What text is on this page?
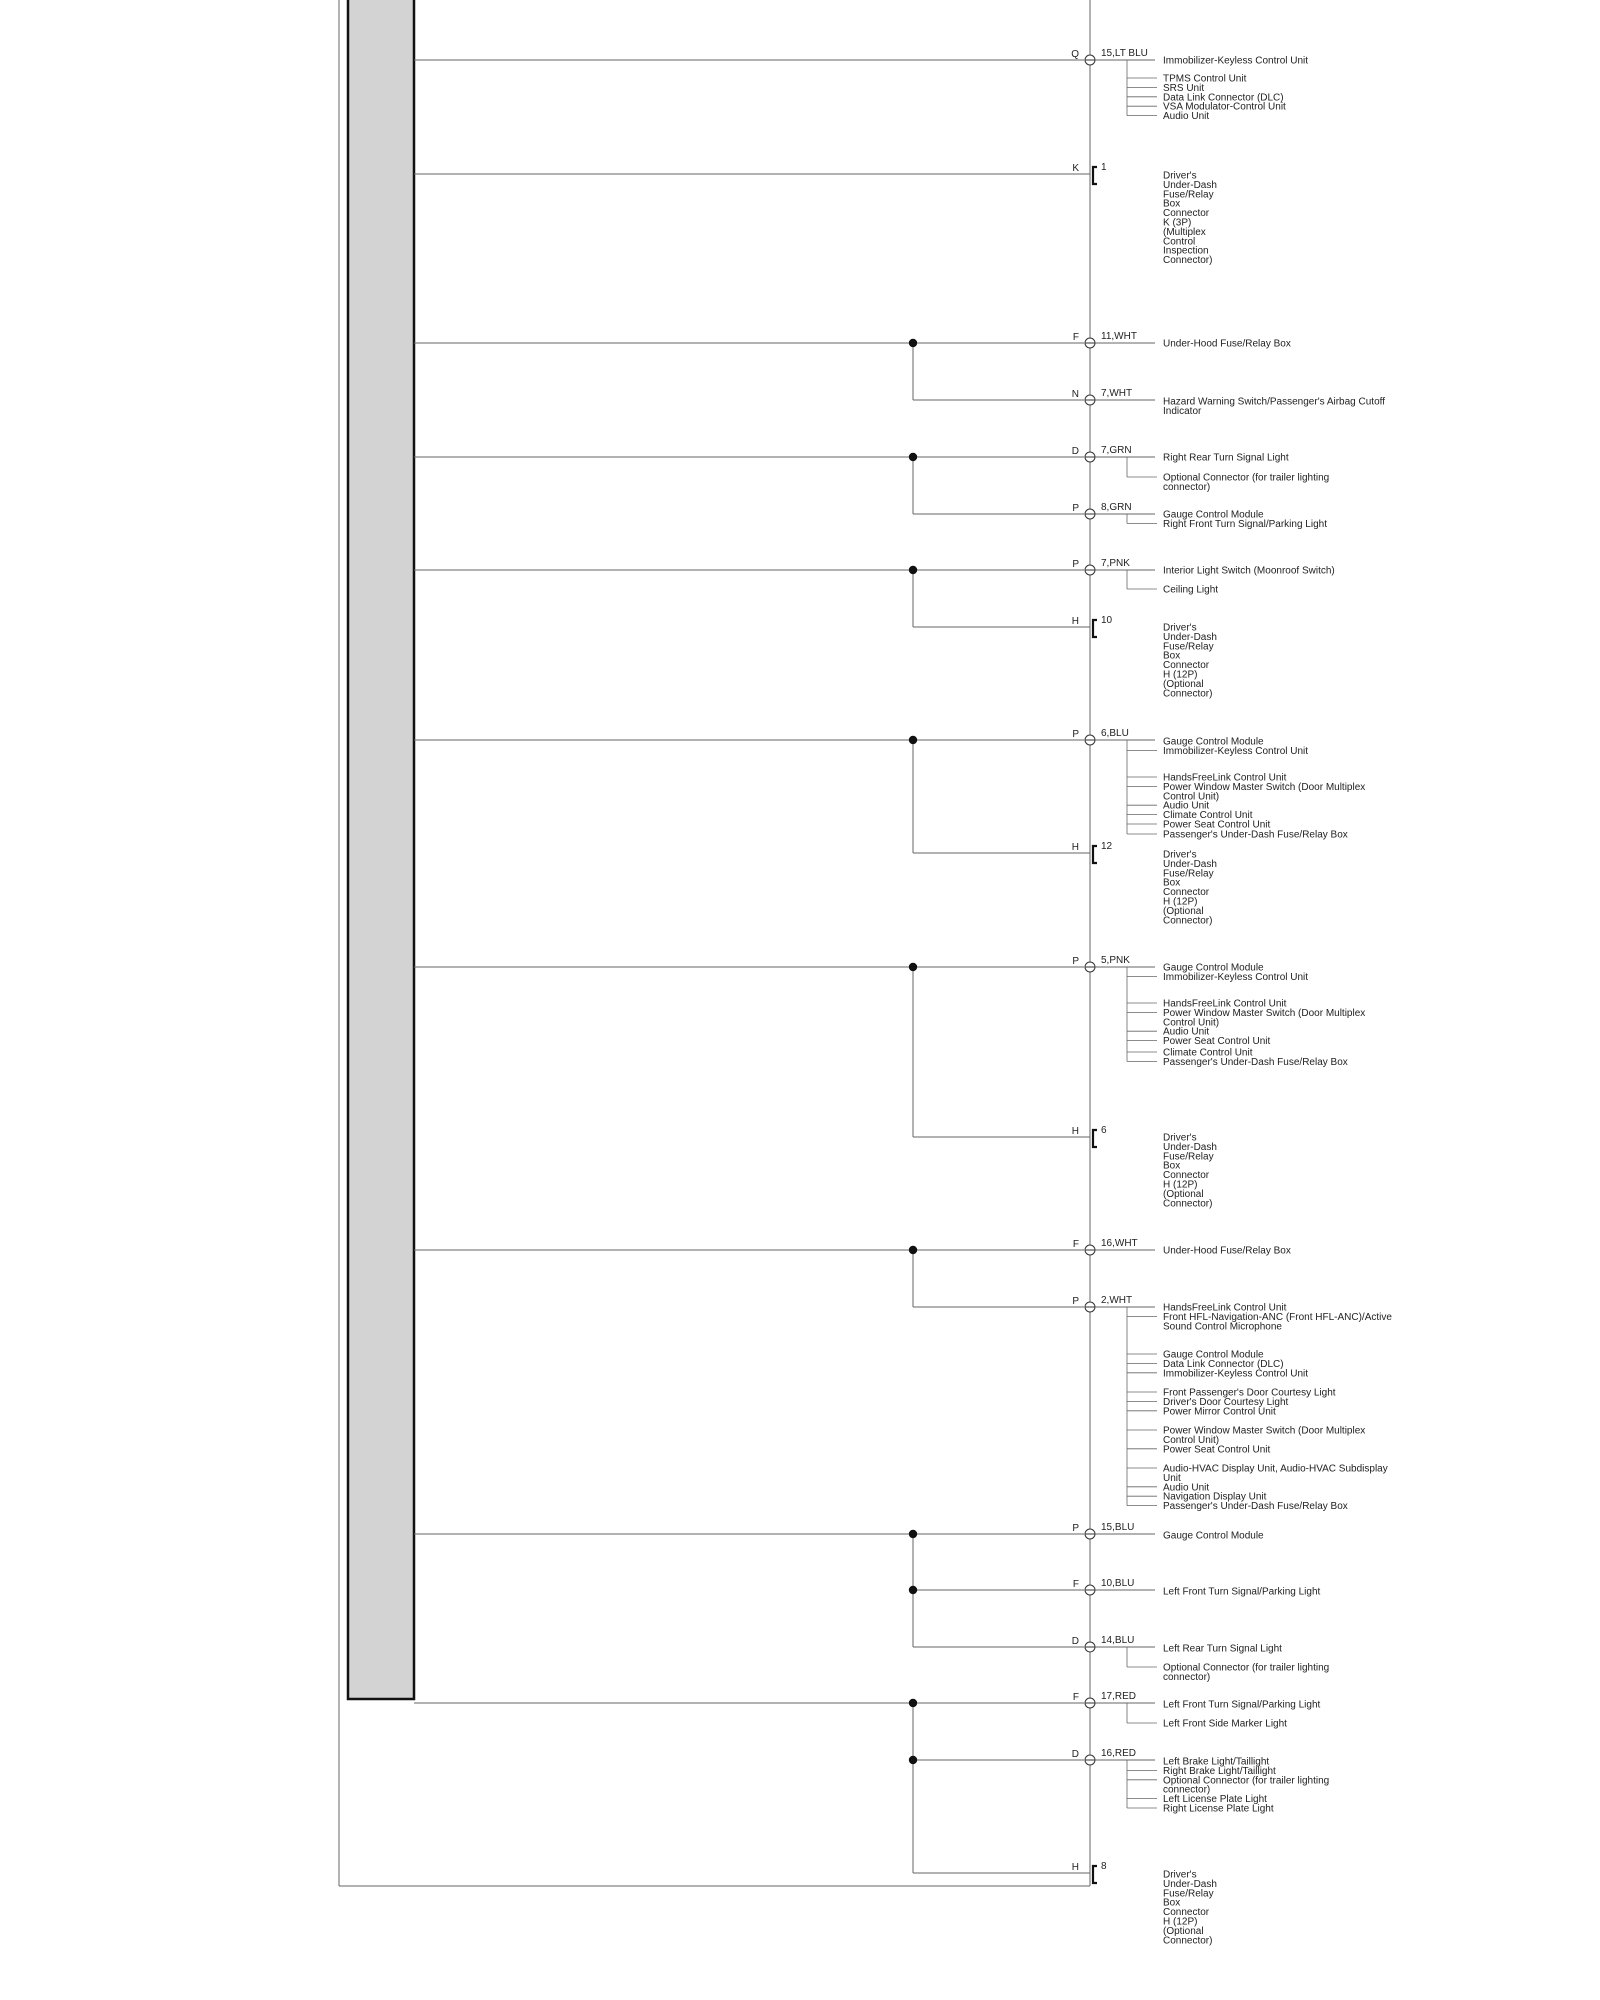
Q 15,LT BLU
Immobilizer-Keyless Control Unit
TPMS Control Unit
SRS Unit
Data Link Connector (DLC)
VSA Modulator-Control Unit
Audio Unit
K 1
Driver's
Under-Dash
Fuse/Relay
Box
Connector
K (3P)
(Multiplex
Control
Inspection
Connector)
F 11,WHT
Under-Hood Fuse/Relay Box
N 7,WHT
Hazard Warning Switch/Passenger's Airbag Cutoff
Indicator
D 7,GRN
Right Rear Turn Signal Light
Optional Connector (for trailer lighting
connector)
P 8,GRN
Gauge Control Module
Right Front Turn Signal/Parking Light
P 7,PNK
Interior Light Switch (Moonroof Switch)
Ceiling Light
H 10
Driver's
Under-Dash
Fuse/Relay
Box
Connector
H (12P)
(Optional
Connector)
P 6,BLU
Gauge Control Module
Immobilizer-Keyless Control Unit
HandsFreeLink Control Unit
Power Window Master Switch (Door Multiplex
Control Unit)
Audio Unit
Climate Control Unit
Power Seat Control Unit
Passenger's Under-Dash Fuse/Relay Box
H 12
Driver's
Under-Dash
Fuse/Relay
Box
Connector
H (12P)
(Optional
Connector)
P 5,PNK
Gauge Control Module
Immobilizer-Keyless Control Unit
HandsFreeLink Control Unit
Power Window Master Switch (Door Multiplex
Control Unit)
Audio Unit
Power Seat Control Unit
Climate Control Unit
Passenger's Under-Dash Fuse/Relay Box
H 6
Driver's
Under-Dash
Fuse/Relay
Box
Connector
H (12P)
(Optional
Connector)
F 16,WHT
Under-Hood Fuse/Relay Box
P 2,WHT
HandsFreeLink Control Unit
Front HFL-Navigation-ANC (Front HFL-ANC)/Active
Sound Control Microphone
Gauge Control Module
Data Link Connector (DLC)
Immobilizer-Keyless Control Unit
Front Passenger's Door Courtesy Light
Driver's Door Courtesy Light
Power Mirror Control Unit
Power Window Master Switch (Door Multiplex
Control Unit)
Power Seat Control Unit
Audio-HVAC Display Unit, Audio-HVAC Subdisplay
Unit
Audio Unit
Navigation Display Unit
Passenger's Under-Dash Fuse/Relay Box
P 15,BLU
Gauge Control Module
F 10,BLU
Left Front Turn Signal/Parking Light
D 14,BLU
Left Rear Turn Signal Light
Optional Connector (for trailer lighting
connector)
F 17,RED
Left Front Turn Signal/Parking Light
Left Front Side Marker Light
D 16,RED
Left Brake Light/Taillight
Right Brake Light/Taillight
Optional Connector (for trailer lighting
connector)
Left License Plate Light
Right License Plate Light
H 8
Driver's
Under-Dash
Fuse/Relay
Box
Connector
H (12P)
(Optional
Connector)
